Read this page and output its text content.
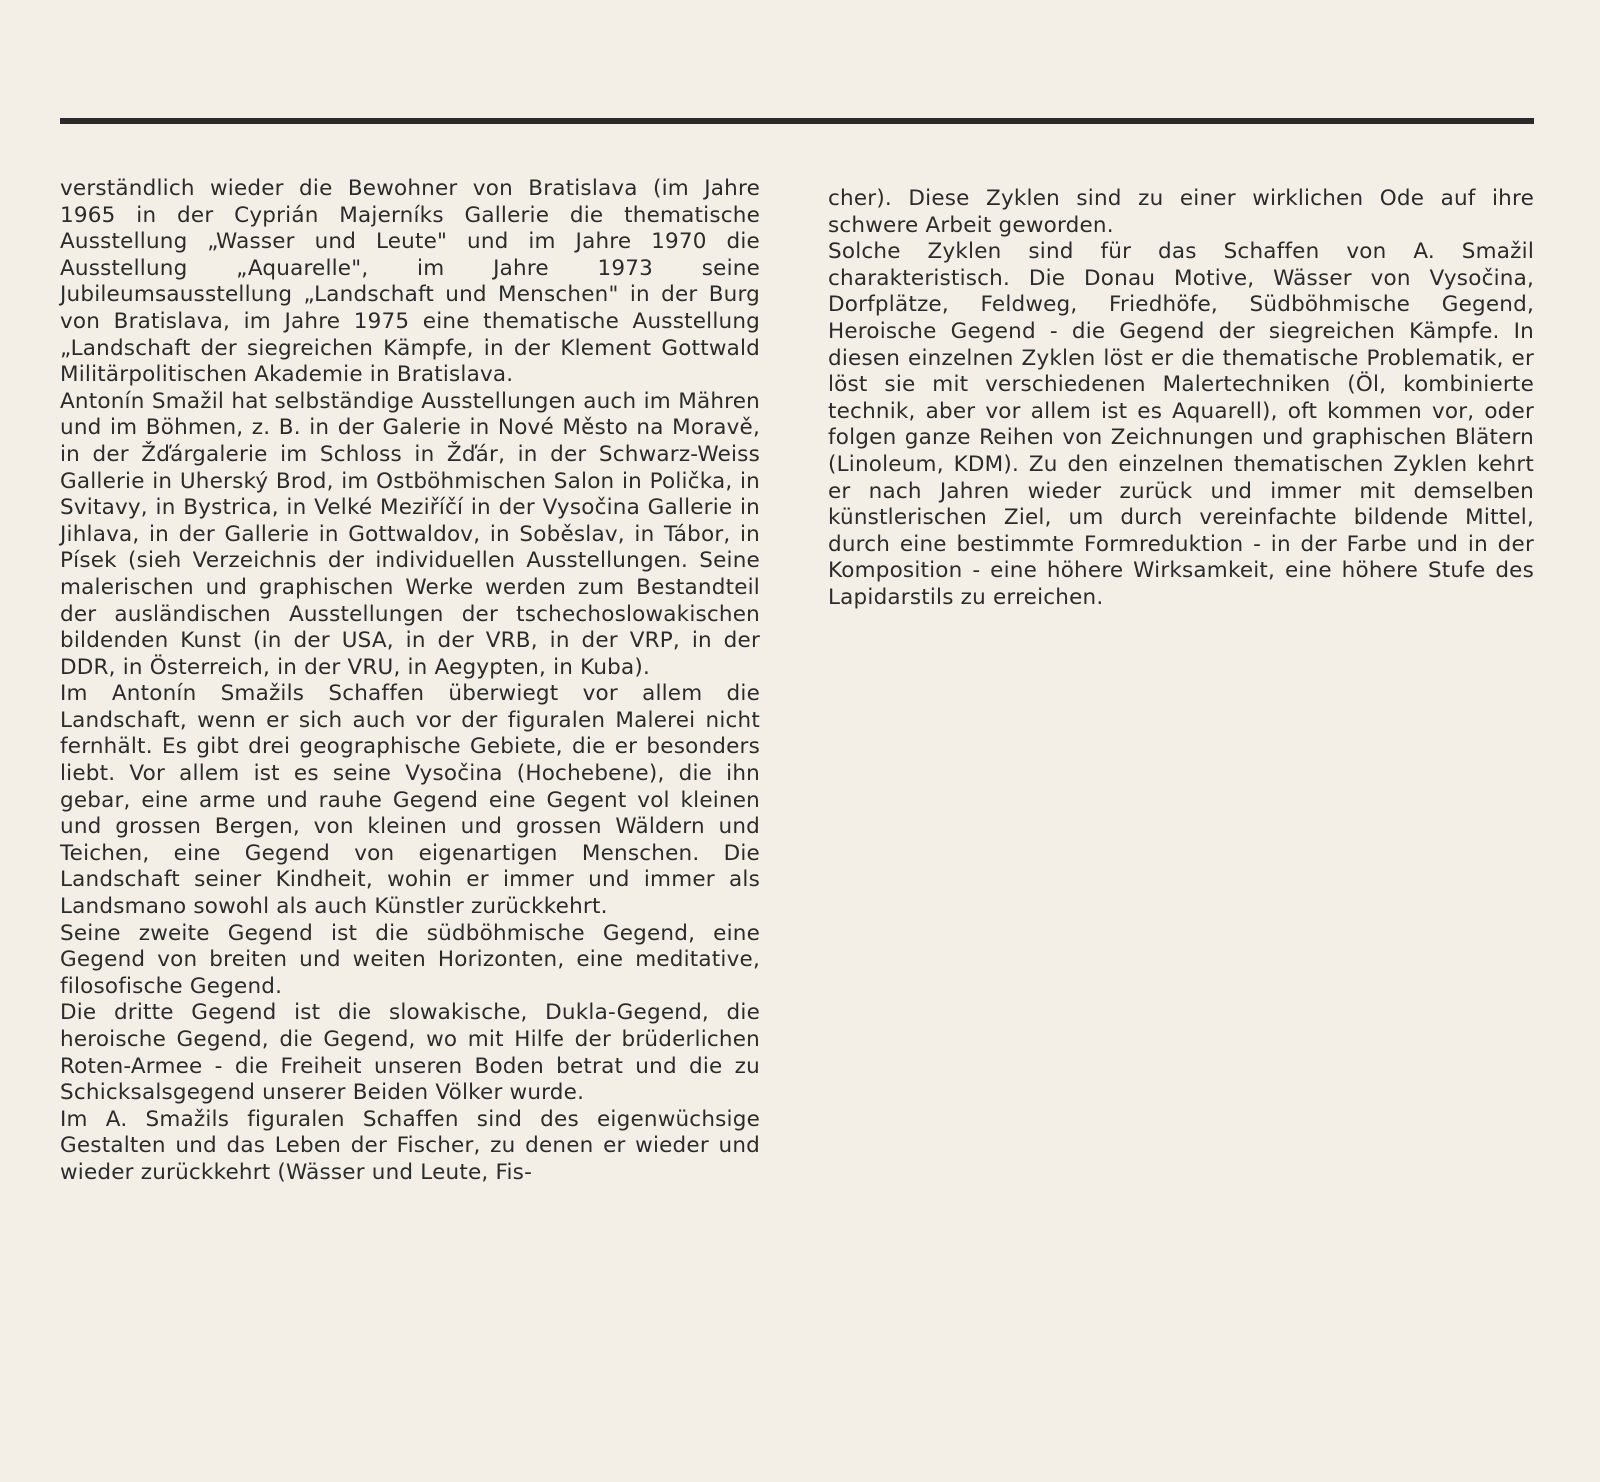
verständlich wieder die Bewohner von Bratislava (im Jahre 1965 in der Cyprián Majerníks Gallerie die thematische Ausstellung „Wasser und Leute" und im Jahre 1970 die Ausstellung „Aquarelle", im Jahre 1973 seine Jubileumsausstellung „Landschaft und Menschen" in der Burg von Bratislava, im Jahre 1975 eine thematische Ausstellung „Landschaft der siegreichen Kämpfe, in der Klement Gottwald Militärpolitischen Akademie in Bratislava.

Antonín Smažil hat selbständige Ausstellungen auch im Mähren und im Böhmen, z. B. in der Galerie in Nové Město na Moravě, in der Žďárgalerie im Schloss in Žďár, in der Schwarz-Weiss Gallerie in Uherský Brod, im Ostböhmischen Salon in Polička, in Svitavy, in Bystrica, in Velké Meziříčí in der Vysočina Gallerie in Jihlava, in der Gallerie in Gottwaldov, in Soběslav, in Tábor, in Písek (sieh Verzeichnis der individuellen Ausstellungen. Seine malerischen und graphischen Werke werden zum Bestandteil der ausländischen Ausstellungen der tschechoslowakischen bildenden Kunst (in der USA, in der VRB, in der VRP, in der DDR, in Österreich, in der VRU, in Aegypten, in Kuba).

Im Antonín Smažils Schaffen überwiegt vor allem die Landschaft, wenn er sich auch vor der figuralen Malerei nicht fernhält. Es gibt drei geographische Gebiete, die er besonders liebt. Vor allem ist es seine Vysočina (Hochebene), die ihn gebar, eine arme und rauhe Gegend eine Gegent vol kleinen und grossen Bergen, von kleinen und grossen Wäldern und Teichen, eine Gegend von eigenartigen Menschen. Die Landschaft seiner Kindheit, wohin er immer und immer als Landsmano sowohl als auch Künstler zurückkehrt.

Seine zweite Gegend ist die südböhmische Gegend, eine Gegend von breiten und weiten Horizonten, eine meditative, filosofische Gegend.

Die dritte Gegend ist die slowakische, Dukla-Gegend, die heroische Gegend, die Gegend, wo mit Hilfe der brüderlichen Roten-Armee - die Freiheit unseren Boden betrat und die zu Schicksalsgegend unserer Beiden Völker wurde.

Im A. Smažils figuralen Schaffen sind des eigenwüchsige Gestalten und das Leben der Fischer, zu denen er wieder und wieder zurückkehrt (Wässer und Leute, Fis-

cher). Diese Zyklen sind zu einer wirklichen Ode auf ihre schwere Arbeit geworden.

Solche Zyklen sind für das Schaffen von A. Smažil charakteristisch. Die Donau Motive, Wässer von Vysočina, Dorfplätze, Feldweg, Friedhöfe, Südböhmische Gegend, Heroische Gegend - die Gegend der siegreichen Kämpfe. In diesen einzelnen Zyklen löst er die thematische Problematik, er löst sie mit verschiedenen Malertechniken (Öl, kombinierte technik, aber vor allem ist es Aquarell), oft kommen vor, oder folgen ganze Reihen von Zeichnungen und graphischen Blätern (Linoleum, KDM). Zu den einzelnen thematischen Zyklen kehrt er nach Jahren wieder zurück und immer mit demselben künstlerischen Ziel, um durch vereinfachte bildende Mittel, durch eine bestimmte Formreduktion - in der Farbe und in der Komposition - eine höhere Wirksamkeit, eine höhere Stufe des Lapidarstils zu erreichen.
